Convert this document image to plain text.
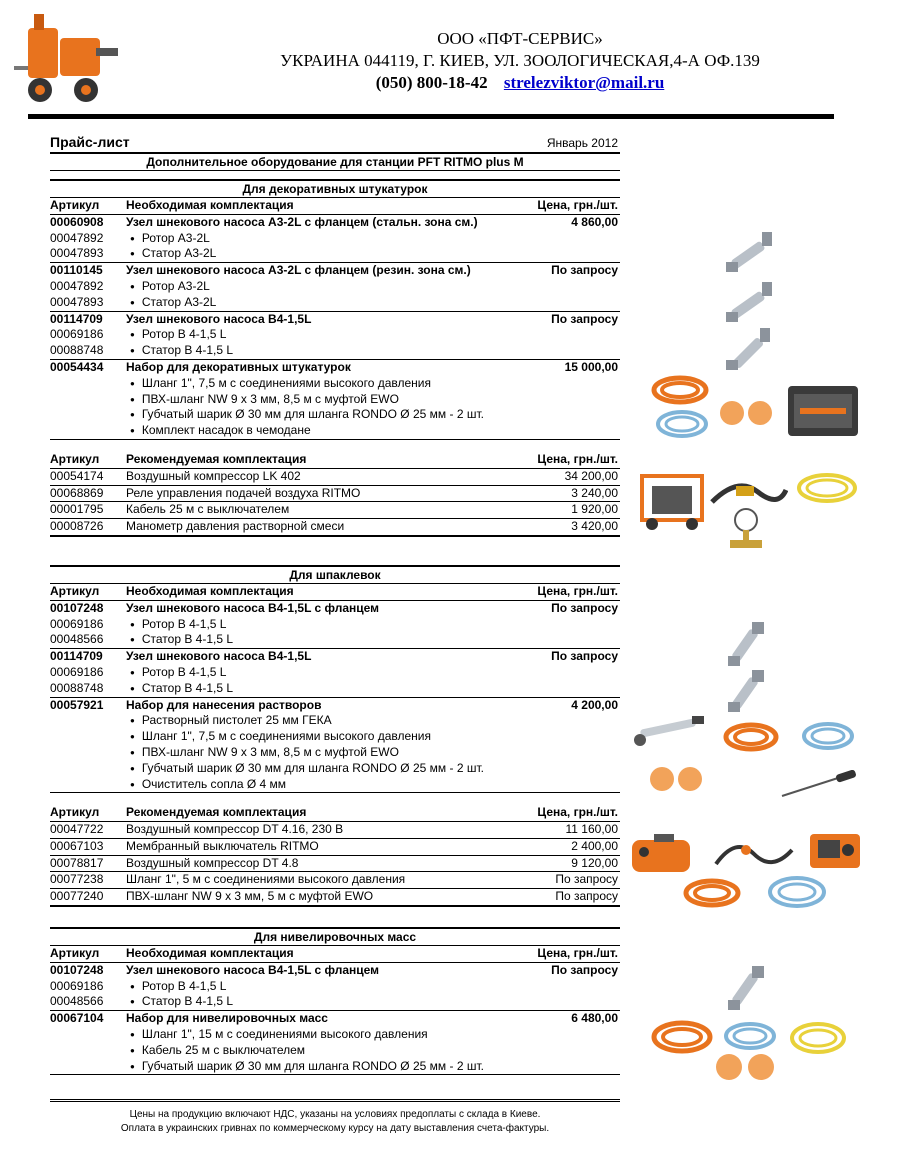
ООО «ПФТ-СЕРВИС»
УКРАИНА 044119, Г. КИЕВ, УЛ. ЗООЛОГИЧЕСКАЯ,4-А ОФ.139
(050) 800-18-42 strelezviktor@mail.ru
Прайс-лист	Январь 2012
Дополнительное оборудование для станции PFT RITMO plus M
Для декоративных штукатурок
Артикул Необходимая комплектация	Цена, грн./шт.
00060908 Узел шнекового насоса А3-2L с фланцем (стальн. зона см.)	4 860,00
00047892	● Ротор А3-2L
00047893	● Статор А3-2L
00110145 Узел шнекового насоса А3-2L с фланцем (резин. зона см.)	По запросу
00047892	● Ротор А3-2L
00047893	● Статор А3-2L
00114709 Узел шнекового насоса В4-1,5L	По запросу
00069186	● Ротор В 4-1,5 L
00088748	● Статор В 4-1,5 L
00054434 Набор для декоративных штукатурок	15 000,00
● Шланг 1", 7,5 м с соединениями высокого давления
● ПВХ-шланг NW 9 x 3 мм, 8,5 м с муфтой EWO
● Губчатый шарик Ø 30 мм для шланга RONDO Ø 25 мм - 2 шт.
● Комплект насадок в чемодане
Артикул Рекомендуемая комплектация	Цена, грн./шт.
00054174 Воздушный компрессор LK 402	34 200,00
00068869 Реле управления подачей воздуха RITMO	3 240,00
00001795 Кабель 25 м с выключателем	1 920,00
00008726 Манометр давления растворной смеси	3 420,00
Для шпаклевок
Артикул Необходимая комплектация	Цена, грн./шт.
00107248 Узел шнекового насоса В4-1,5L с фланцем	По запросу
00069186	● Ротор В 4-1,5 L
00048566	● Статор В 4-1,5 L
00114709 Узел шнекового насоса В4-1,5L	По запросу
00069186	● Ротор В 4-1,5 L
00088748	● Статор В 4-1,5 L
00057921 Набор для нанесения растворов	4 200,00
● Растворный пистолет 25 мм ГЕКА
● Шланг 1", 7,5 м с соединениями высокого давления
● ПВХ-шланг NW 9 x 3 мм, 8,5 м с муфтой EWO
● Губчатый шарик Ø 30 мм для шланга RONDO Ø 25 мм - 2 шт.
● Очиститель сопла Ø 4 мм
Артикул Рекомендуемая комплектация	Цена, грн./шт.
00047722 Воздушный компрессор DT 4.16, 230 В	11 160,00
00067103 Мембранный выключатель RITMO	2 400,00
00078817 Воздушный компрессор DT 4.8	9 120,00
00077238 Шланг 1", 5 м с соединениями высокого давления	По запросу
00077240 ПВХ-шланг NW 9 x 3 мм, 5 м с муфтой EWO	По запросу
Для нивелировочных масс
Артикул Необходимая комплектация	Цена, грн./шт.
00107248 Узел шнекового насоса В4-1,5L с фланцем	По запросу
00069186	● Ротор В 4-1,5 L
00048566	● Статор В 4-1,5 L
00067104 Набор для нивелировочных масс	6 480,00
● Шланг 1", 15 м с соединениями высокого давления
● Кабель 25 м с выключателем
● Губчатый шарик Ø 30 мм для шланга RONDO Ø 25 мм - 2 шт.
Цены на продукцию включают НДС, указаны на условиях предоплаты с склада в Киеве.
Оплата в украинских гривнах по коммерческому курсу на дату выставления счета-фактуры.
